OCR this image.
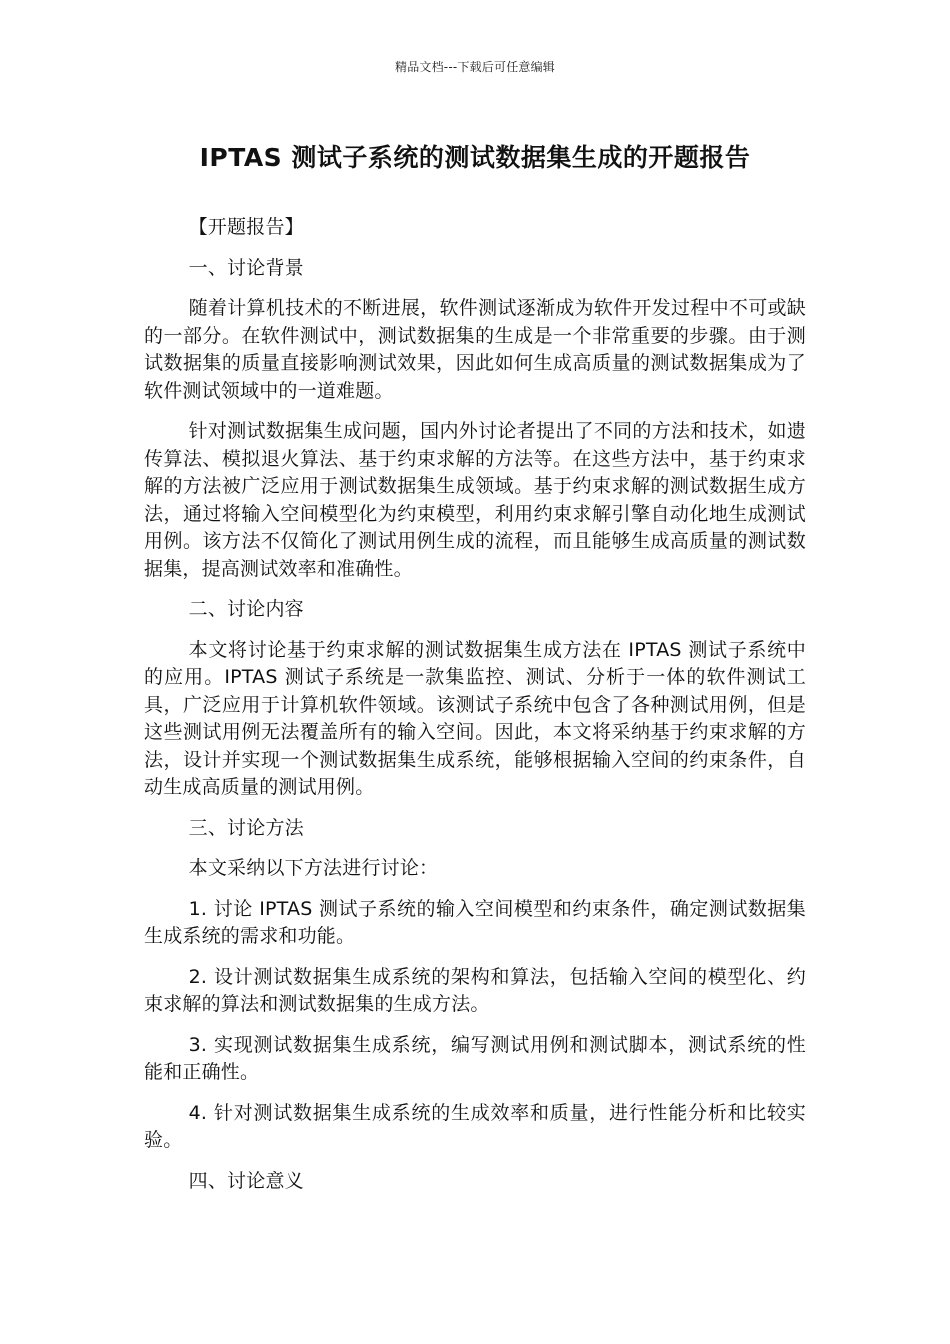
精品文档---下载后可任意编辑
IPTAS 测试子系统的测试数据集生成的开题报告

【开题报告】

一、讨论背景

随着计算机技术的不断进展，软件测试逐渐成为软件开发过程中不可或缺的一部分。在软件测试中，测试数据集的生成是一个非常重要的步骤。由于测试数据集的质量直接影响测试效果，因此如何生成高质量的测试数据集成为了软件测试领域中的一道难题。

针对测试数据集生成问题，国内外讨论者提出了不同的方法和技术，如遗传算法、模拟退火算法、基于约束求解的方法等。在这些方法中，基于约束求解的方法被广泛应用于测试数据集生成领域。基于约束求解的测试数据生成方法，通过将输入空间模型化为约束模型，利用约束求解引擎自动化地生成测试用例。该方法不仅简化了测试用例生成的流程，而且能够生成高质量的测试数据集，提高测试效率和准确性。

二、讨论内容

本文将讨论基于约束求解的测试数据集生成方法在 IPTAS 测试子系统中的应用。IPTAS 测试子系统是一款集监控、测试、分析于一体的软件测试工具，广泛应用于计算机软件领域。该测试子系统中包含了各种测试用例，但是这些测试用例无法覆盖所有的输入空间。因此，本文将采纳基于约束求解的方法，设计并实现一个测试数据集生成系统，能够根据输入空间的约束条件，自动生成高质量的测试用例。

三、讨论方法

本文采纳以下方法进行讨论：

1. 讨论 IPTAS 测试子系统的输入空间模型和约束条件，确定测试数据集生成系统的需求和功能。

2. 设计测试数据集生成系统的架构和算法，包括输入空间的模型化、约束求解的算法和测试数据集的生成方法。

3. 实现测试数据集生成系统，编写测试用例和测试脚本，测试系统的性能和正确性。

4. 针对测试数据集生成系统的生成效率和质量，进行性能分析和比较实验。

四、讨论意义
